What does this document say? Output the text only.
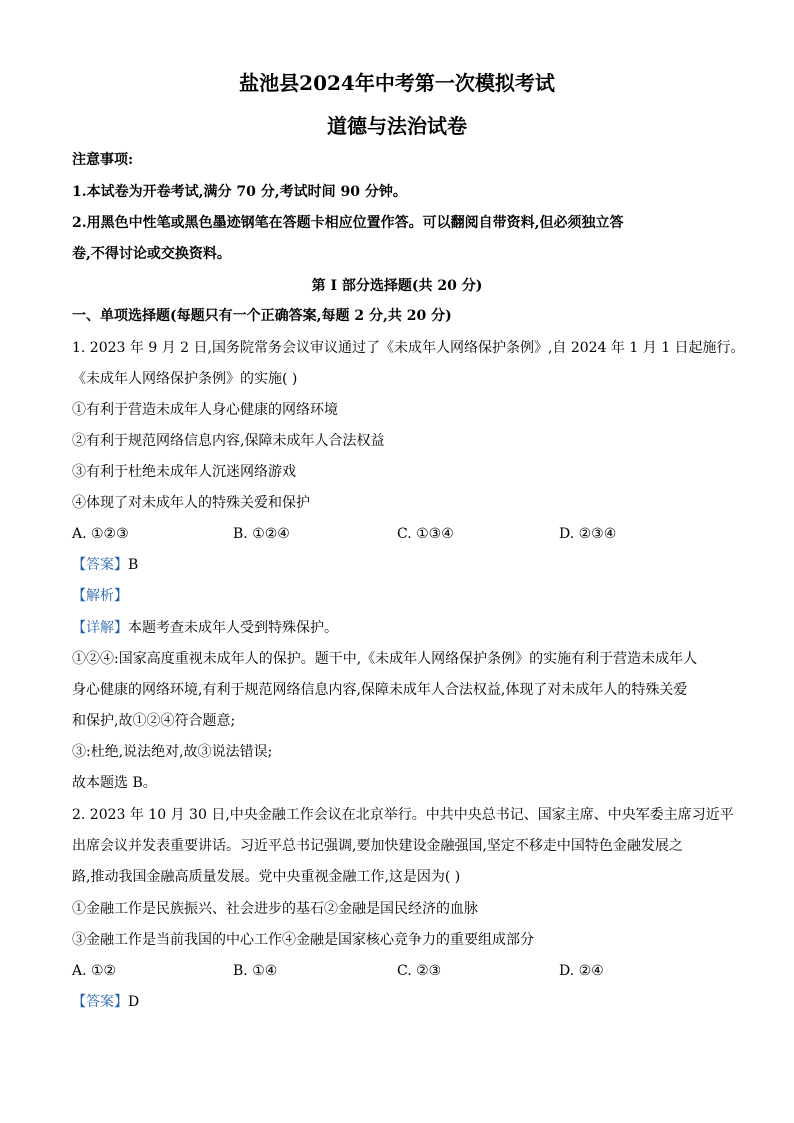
盐池县2024年中考第一次模拟考试
道德与法治试卷
注意事项:
1.本试卷为开卷考试,满分 70 分,考试时间 90 分钟。
2.用黑色中性笔或黑色墨迹钢笔在答题卡相应位置作答。可以翻阅自带资料,但必须独立答
卷,不得讨论或交换资料。
第 I 部分选择题(共 20 分)
一、单项选择题(每题只有一个正确答案,每题 2 分,共 20 分)
1. 2023 年 9 月 2 日,国务院常务会议审议通过了《未成年人网络保护条例》,自 2024 年 1 月 1 日起施行。
《未成年人网络保护条例》的实施( )
①有利于营造未成年人身心健康的网络环境
②有利于规范网络信息内容,保障未成年人合法权益
③有利于杜绝未成年人沉迷网络游戏
④体现了对未成年人的特殊关爱和保护
A. ①②③	B. ①②④	C. ①③④	D. ②③④
【答案】B
【解析】
【详解】本题考查未成年人受到特殊保护。
①②④:国家高度重视未成年人的保护。题干中,《未成年人网络保护条例》的实施有利于营造未成年人
身心健康的网络环境,有利于规范网络信息内容,保障未成年人合法权益,体现了对未成年人的特殊关爱
和保护,故①②④符合题意;
③:杜绝,说法绝对,故③说法错误;
故本题选 B。
2. 2023 年 10 月 30 日,中央金融工作会议在北京举行。中共中央总书记、国家主席、中央军委主席习近平
出席会议并发表重要讲话。习近平总书记强调,要加快建设金融强国,坚定不移走中国特色金融发展之
路,推动我国金融高质量发展。党中央重视金融工作,这是因为( )
①金融工作是民族振兴、社会进步的基石②金融是国民经济的血脉
③金融工作是当前我国的中心工作④金融是国家核心竞争力的重要组成部分
A. ①②	B. ①④	C. ②③	D. ②④
【答案】D
